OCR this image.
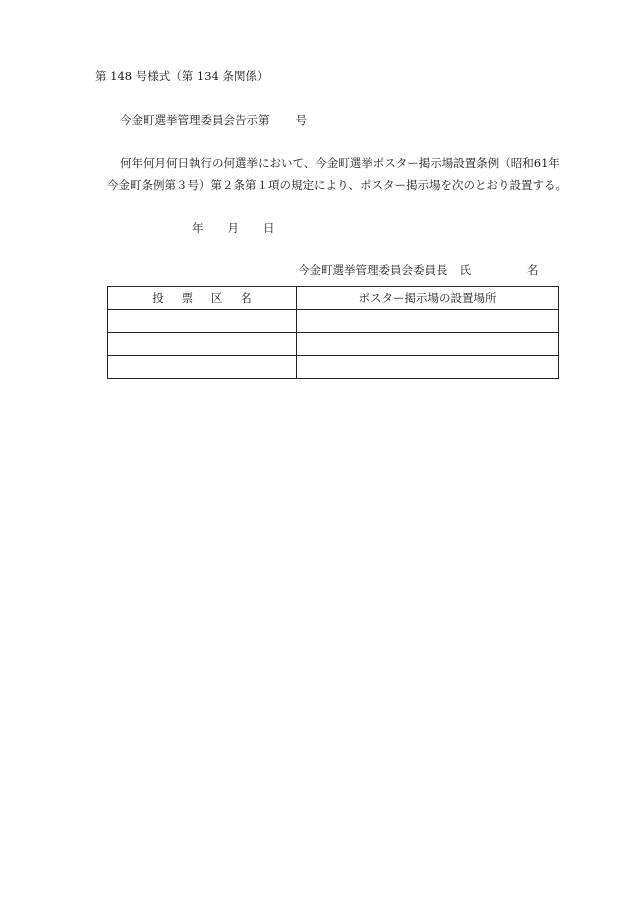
第 148 号様式（第 134 条関係）
今金町選挙管理委員会告示第 号
何年何月何日執行の何選挙において、今金町選挙ポスター掲示場設置条例（昭和61年
今金町条例第３号）第２条第１項の規定により、ポスター掲示場を次のとおり設置する。
年 月 日
今金町選挙管理委員会委員長 氏	名
投票区名	ポスター掲示場の設置場所
